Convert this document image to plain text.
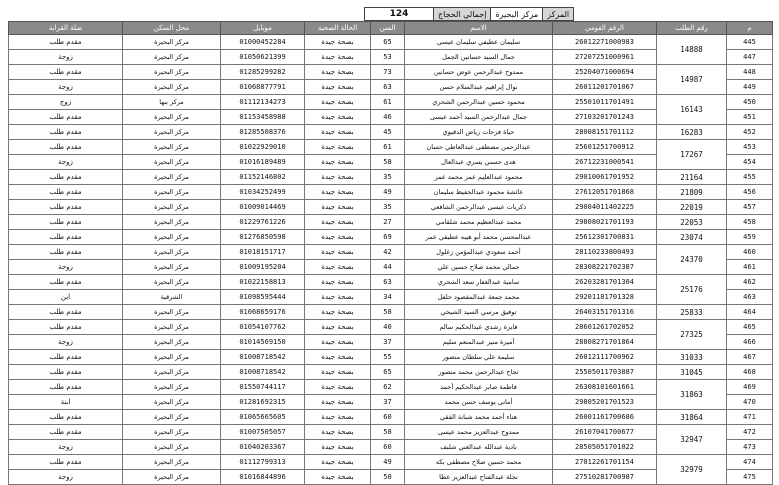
المركز	مركز البحيرة	إجمالي الحجاج	124
م	رقم الطلب	الرقم القومي	الاسم	السن	الحالة الصحية	موبايل	محل السكن	صلة القرابة
445	14888	26012271000983	سليمان عطيفي سليمان عيسى	65	بصحة جيدة	01000452284	مركز البحيرة	مقدم طلب
447		27207251000961	جمال السيد حسانين الجمل	53	بصحة جيدة	01050621399	مركز البحيرة	زوجة
448	14987	25204071000694	ممدوح عبدالرحمن عوض حسانين	73	بصحة جيدة	01285299282	مركز البحيرة	مقدم طلب
449		26011201701067	نوال إبراهيم عبدالسلام حسن	63	بصحة جيدة	01068877791	مركز البحيرة	زوجة
450	16143	25501011701491	محمود حسين عبدالرحمن الشحري	61	بصحة جيدة	01112134273	مركز بنها	زوج
451		27103201701243	جمال عبدالرحمن السيد أحمد عيسى	46	بصحة جيدة	01153458988	مركز البحيرة	مقدم طلب
452	16283	28008151701112	حياة فرحات رياض الدقيوي	45	بصحة جيدة	01285508376	مركز البحيرة	مقدم طلب
453	17267	25601251700912	عبدالرحمن مصطفى عبدالعاطي حسان	61	بصحة جيدة	01022929010	مركز البحيرة	مقدم طلب
454		26712231000541	هدى حسني يسري عبدالعال	58	بصحة جيدة	01016189489	مركز البحيرة	زوجة
455	21164	29010061701952	محمود عبدالعليم عمر محمد عمر	35	بصحة جيدة	01152146802	مركز البحيرة	مقدم طلب
456	21809	27612051701868	عائشة محمود عبدالحفيظ سليمان	49	بصحة جيدة	01034252499	مركز البحيرة	مقدم طلب
457	22019	29004011402225	ذكريات عيسى عبدالرحمن الشافعي	35	بصحة جيدة	01009014469	مركز البحيرة	مقدم طلب
458	22053	29808021701193	محمد عبدالعظيم محمد شلقامي	27	بصحة جيدة	01229761226	مركز البحيرة	مقدم طلب
459	23074	25612301700831	عبدالمحسن محمد أبو هيبه عطيفي عمر	69	بصحة جيدة	01276850598	مركز البحيرة	مقدم طلب
460	24370	28110233800493	أحمد سعودي عبدالمؤمن زغلول	42	بصحة جيدة	01018151717	مركز البحيرة	مقدم طلب
461		28308221702387	جمالي محمد صلاح حسين علي	44	بصحة جيدة	01009195204	مركز البحيرة	زوجة
462	25176	26203281701304	سامية عبدالغفار سعد الشحري	63	بصحة جيدة	01022158813	مركز البحيرة	مقدم طلب
463		29201181701328	محمد جمعة عبدالمقصود حلفل	34	بصحة جيدة	01098595444	الشرقية	ابن
464	25833	26403151701316	توفيق مرسي السيد الشيخي	58	بصحة جيدة	01068659176	مركز البحيرة	مقدم طلب
465	27325	28601261702052	فايزة رشدي عبدالحكيم سالم	40	بصحة جيدة	01054107762	مركز البحيرة	مقدم طلب
466		28808271701864	أميرة منير عبدالمنعم سليم	37	بصحة جيدة	01014569150	مركز البحيرة	زوجة
467	31033	26012111700962	سليمة علي سلطان منصور	55	بصحة جيدة	01008718542	مركز البحيرة	مقدم طلب
468	31045	25505011703887	نجاح عبدالرحمن محمد منصور	65	بصحة جيدة	01008718542	مركز البحيرة	مقدم طلب
469	31863	26308101601661	فاطمة صابر عبدالحكيم أحمد	62	بصحة جيدة	01550744117	مركز البحيرة	مقدم طلب
470		29805201701523	أماني يوسف حسن محمد	37	بصحة جيدة	01281692315	مركز البحيرة	ابنة
471	31864	26001161700686	هناء أحمد محمد شبانة الفقي	60	بصحة جيدة	01065665605	مركز البحيرة	مقدم طلب
472	32947	26107041700677	ممدوح عبدالعزيز محمد عيسى	58	بصحة جيدة	01007505057	مركز البحيرة	مقدم طلب
473		28505051701022	نادية عبدالله عبدالغني شلبف	60	بصحة جيدة	01040203367	مركز البحيرة	زوجة
474	32979	27012261701154	محمد حسين صلاح مصطفى بكه	49	بصحة جيدة	01112799313	مركز البحيرة	مقدم طلب
475		27510281700987	نجلة عبدالفتاح عبدالعزيز عطا	50	بصحة جيدة	01016844896	مركز البحيرة	زوجة
